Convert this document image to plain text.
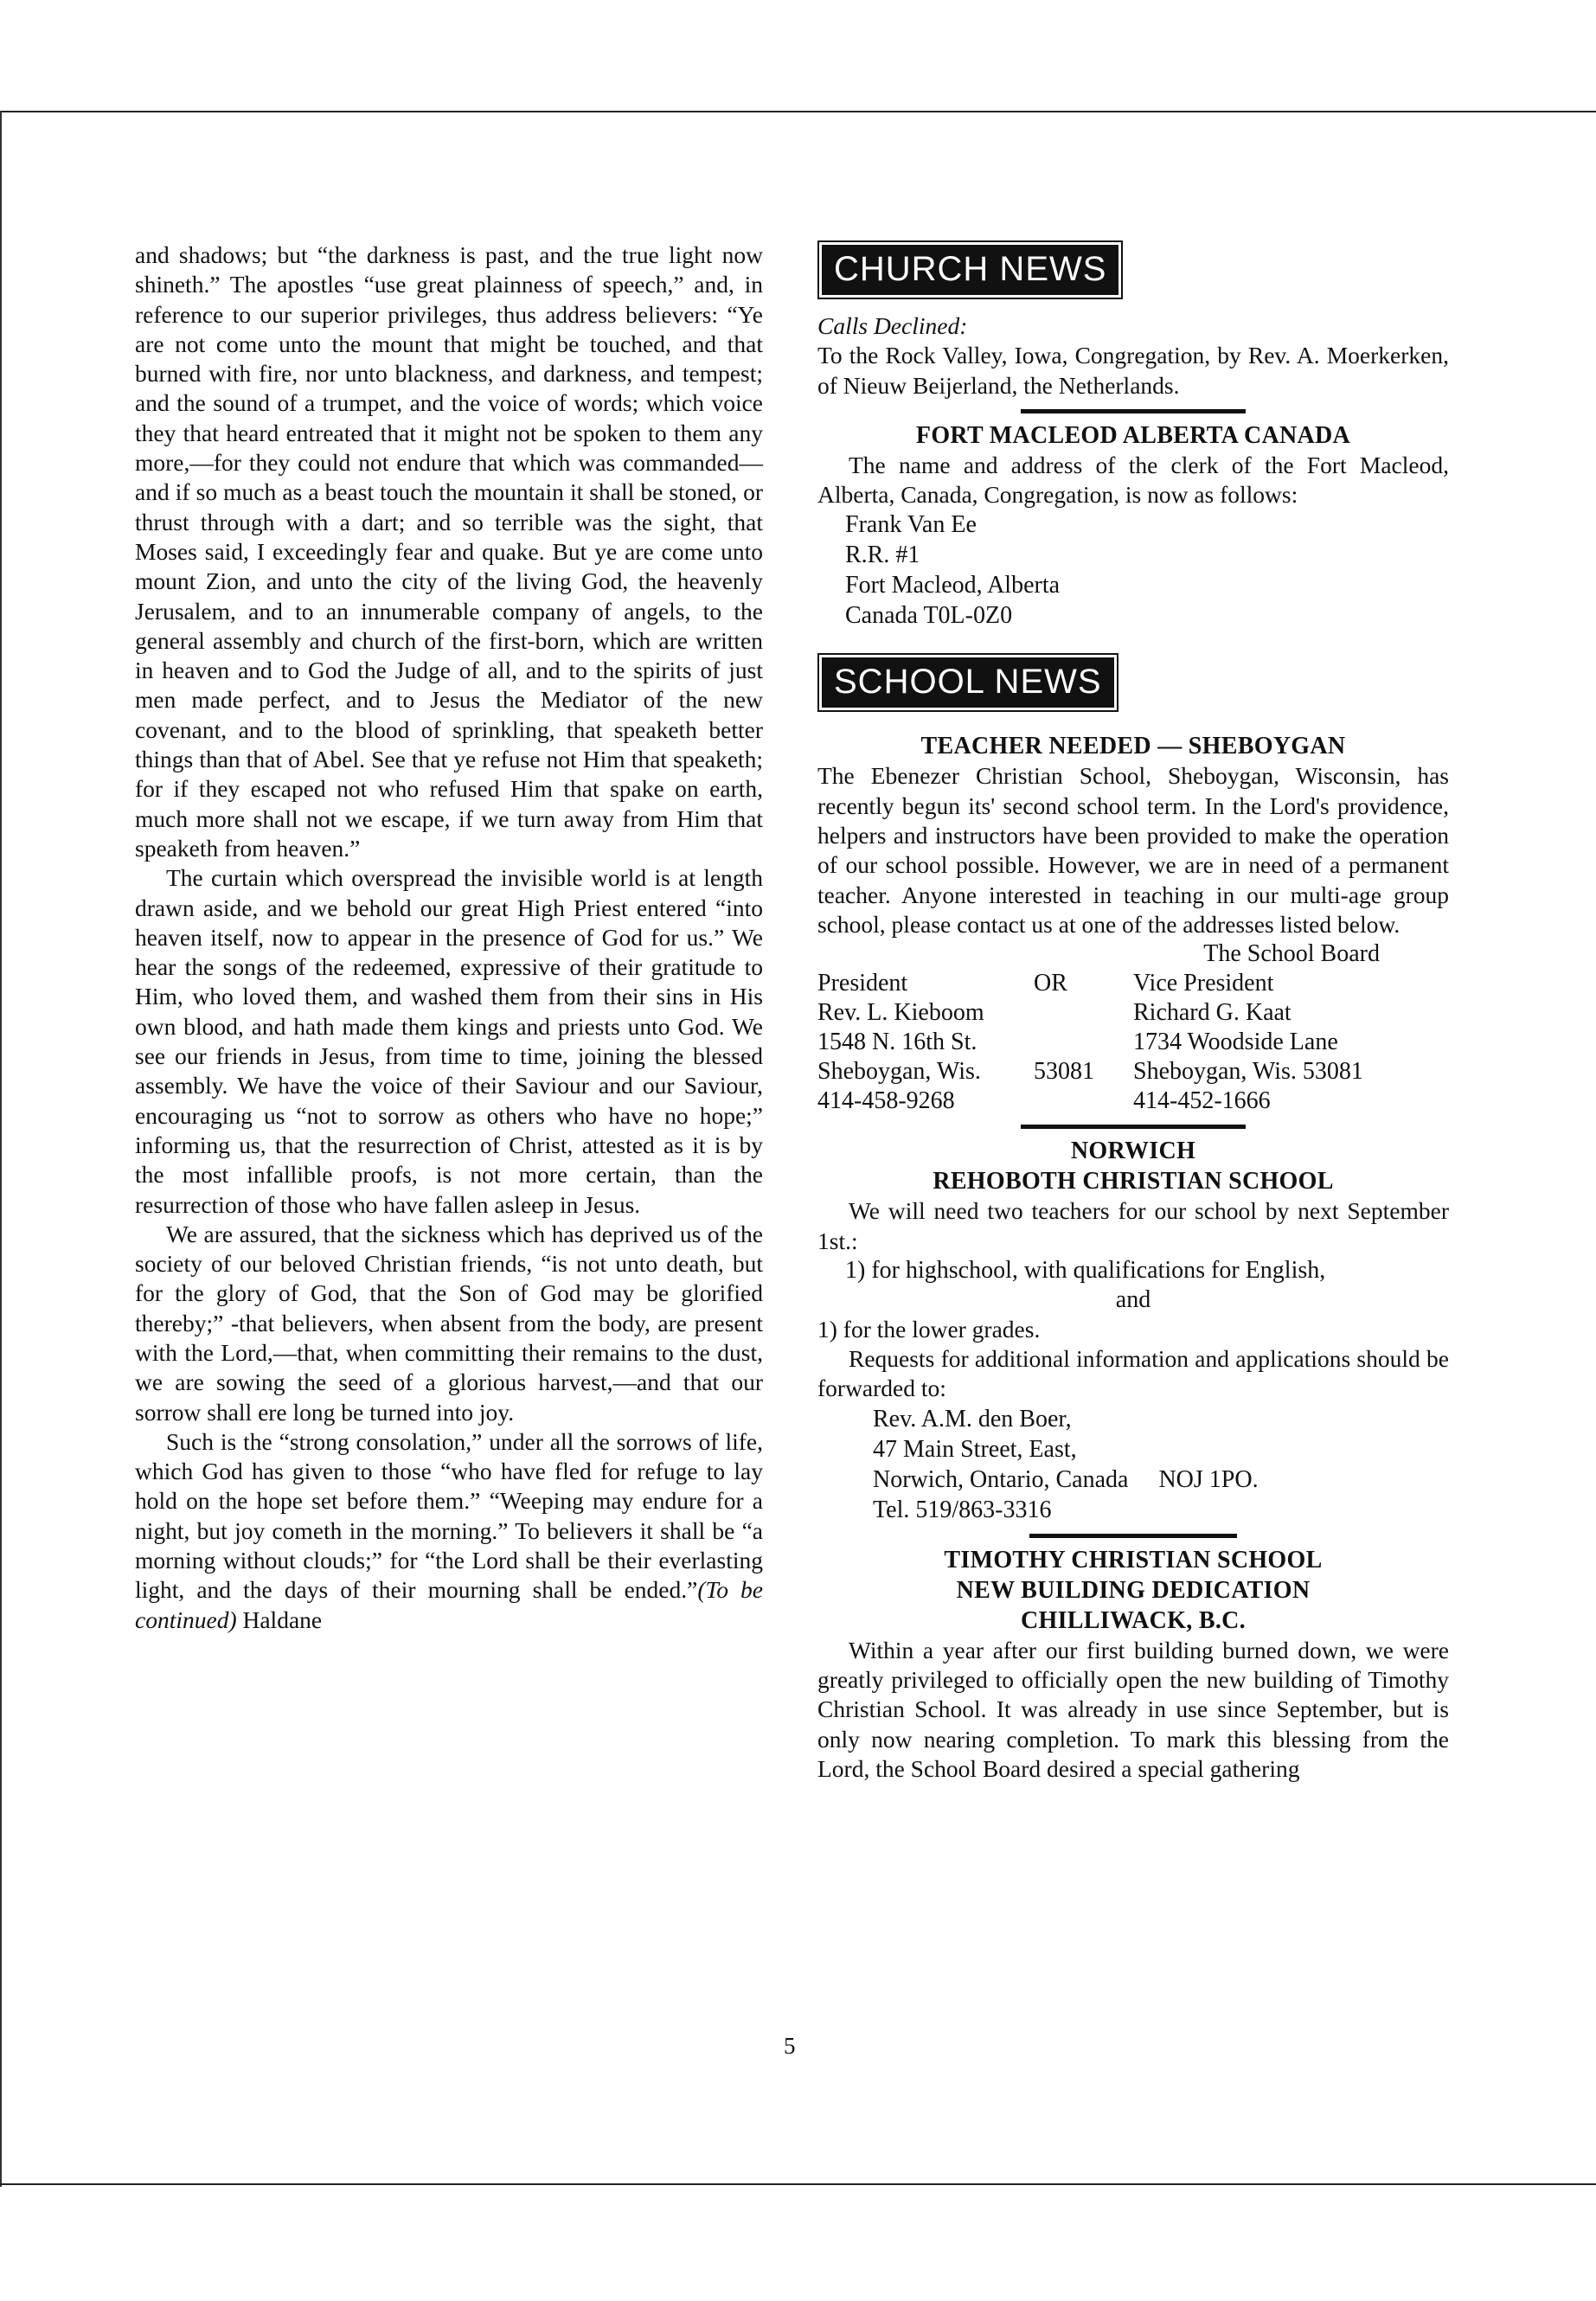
and shadows; but “the darkness is past, and the true light now shineth.” The apostles “use great plainness of speech,” and, in reference to our superior privileges, thus address believers: “Ye are not come unto the mount that might be touched, and that burned with fire, nor unto blackness, and darkness, and tempest; and the sound of a trumpet, and the voice of words; which voice they that heard entreated that it might not be spoken to them any more,—for they could not endure that which was commanded—and if so much as a beast touch the mountain it shall be stoned, or thrust through with a dart; and so terrible was the sight, that Moses said, I exceedingly fear and quake. But ye are come unto mount Zion, and unto the city of the living God, the heavenly Jerusalem, and to an innumerable company of angels, to the general assembly and church of the first-born, which are written in heaven and to God the Judge of all, and to the spirits of just men made perfect, and to Jesus the Mediator of the new covenant, and to the blood of sprinkling, that speaketh better things than that of Abel. See that ye refuse not Him that speaketh; for if they escaped not who refused Him that spake on earth, much more shall not we escape, if we turn away from Him that speaketh from heaven.”

The curtain which overspread the invisible world is at length drawn aside, and we behold our great High Priest entered “into heaven itself, now to appear in the presence of God for us.” We hear the songs of the redeemed, expressive of their gratitude to Him, who loved them, and washed them from their sins in His own blood, and hath made them kings and priests unto God. We see our friends in Jesus, from time to time, joining the blessed assembly. We have the voice of their Saviour and our Saviour, encouraging us “not to sorrow as others who have no hope;” informing us, that the resurrection of Christ, attested as it is by the most infallible proofs, is not more certain, than the resurrection of those who have fallen asleep in Jesus.

We are assured, that the sickness which has deprived us of the society of our beloved Christian friends, “is not unto death, but for the glory of God, that the Son of God may be glorified thereby;” -that believers, when absent from the body, are present with the Lord,—that, when committing their remains to the dust, we are sowing the seed of a glorious harvest,—and that our sorrow shall ere long be turned into joy.

Such is the “strong consolation,” under all the sorrows of life, which God has given to those “who have fled for refuge to lay hold on the hope set before them.” “Weeping may endure for a night, but joy cometh in the morning.” To believers it shall be “a morning without clouds;” for “the Lord shall be their everlasting light, and the days of their mourning shall be ended.”(To be continued) Haldane

CHURCH NEWS

Calls Declined:

To the Rock Valley, Iowa, Congregation, by Rev. A. Moerkerken, of Nieuw Beijerland, the Netherlands.

FORT MACLEOD ALBERTA CANADA

The name and address of the clerk of the Fort Macleod, Alberta, Canada, Congregation, is now as follows:

Frank Van Ee
R.R. #1
Fort Macleod, Alberta
Canada T0L-0Z0
SCHOOL NEWS

TEACHER NEEDED — SHEBOYGAN

The Ebenezer Christian School, Sheboygan, Wisconsin, has recently begun its' second school term. In the Lord's providence, helpers and instructors have been provided to make the operation of our school possible. However, we are in need of a permanent teacher. Anyone interested in teaching in our multi-age group school, please contact us at one of the addresses listed below.

The School Board

President	OR	Vice President
Rev. L. Kieboom		Richard G. Kaat
1548 N. 16th St.		1734 Woodside Lane
Sheboygan, Wis.	53081	Sheboygan, Wis. 53081
414-458-9268		414-452-1666

NORWICH

REHOBOTH CHRISTIAN SCHOOL

We will need two teachers for our school by next September 1st.:

1) for highschool, with qualifications for English,

and

1) for the lower grades.

Requests for additional information and applications should be forwarded to:

Rev. A.M. den Boer,
47 Main Street, East,
Norwich, Ontario, Canada     NOJ 1PO.
Tel. 519/863-3316

TIMOTHY CHRISTIAN SCHOOL

NEW BUILDING DEDICATION

CHILLIWACK, B.C.

Within a year after our first building burned down, we were greatly privileged to officially open the new building of Timothy Christian School. It was already in use since September, but is only now nearing completion. To mark this blessing from the Lord, the School Board desired a special gathering

5
